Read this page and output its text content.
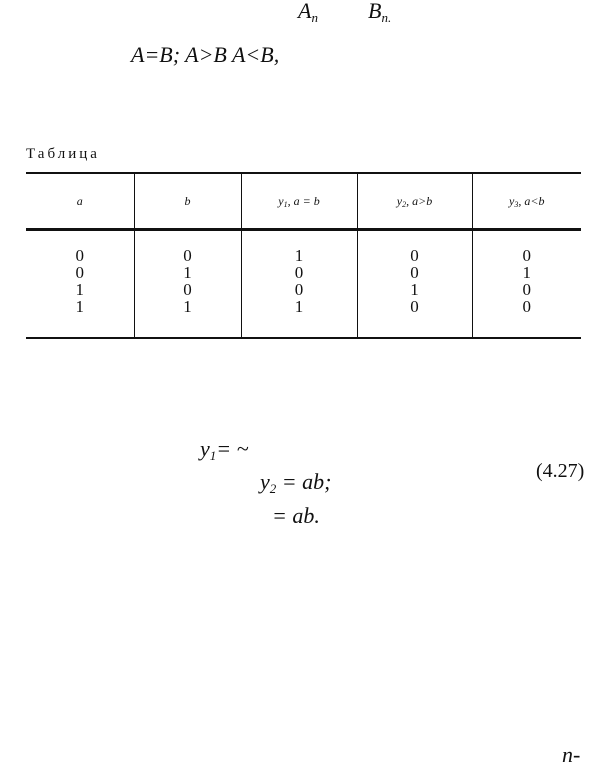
$A_n$ $B_{n.}$
A=B; A>B A<B,
Таблица
a	b	$y_1$, a = b	$y_2$, a>b	$y_3$, a<b
0	0	1	0	0
0	1	0	0	1
1	0	0	1	0
1	1	1	0	0
$y_1=$ ~
$y_2$ = ab;
= ab.
(4.27)
n-
